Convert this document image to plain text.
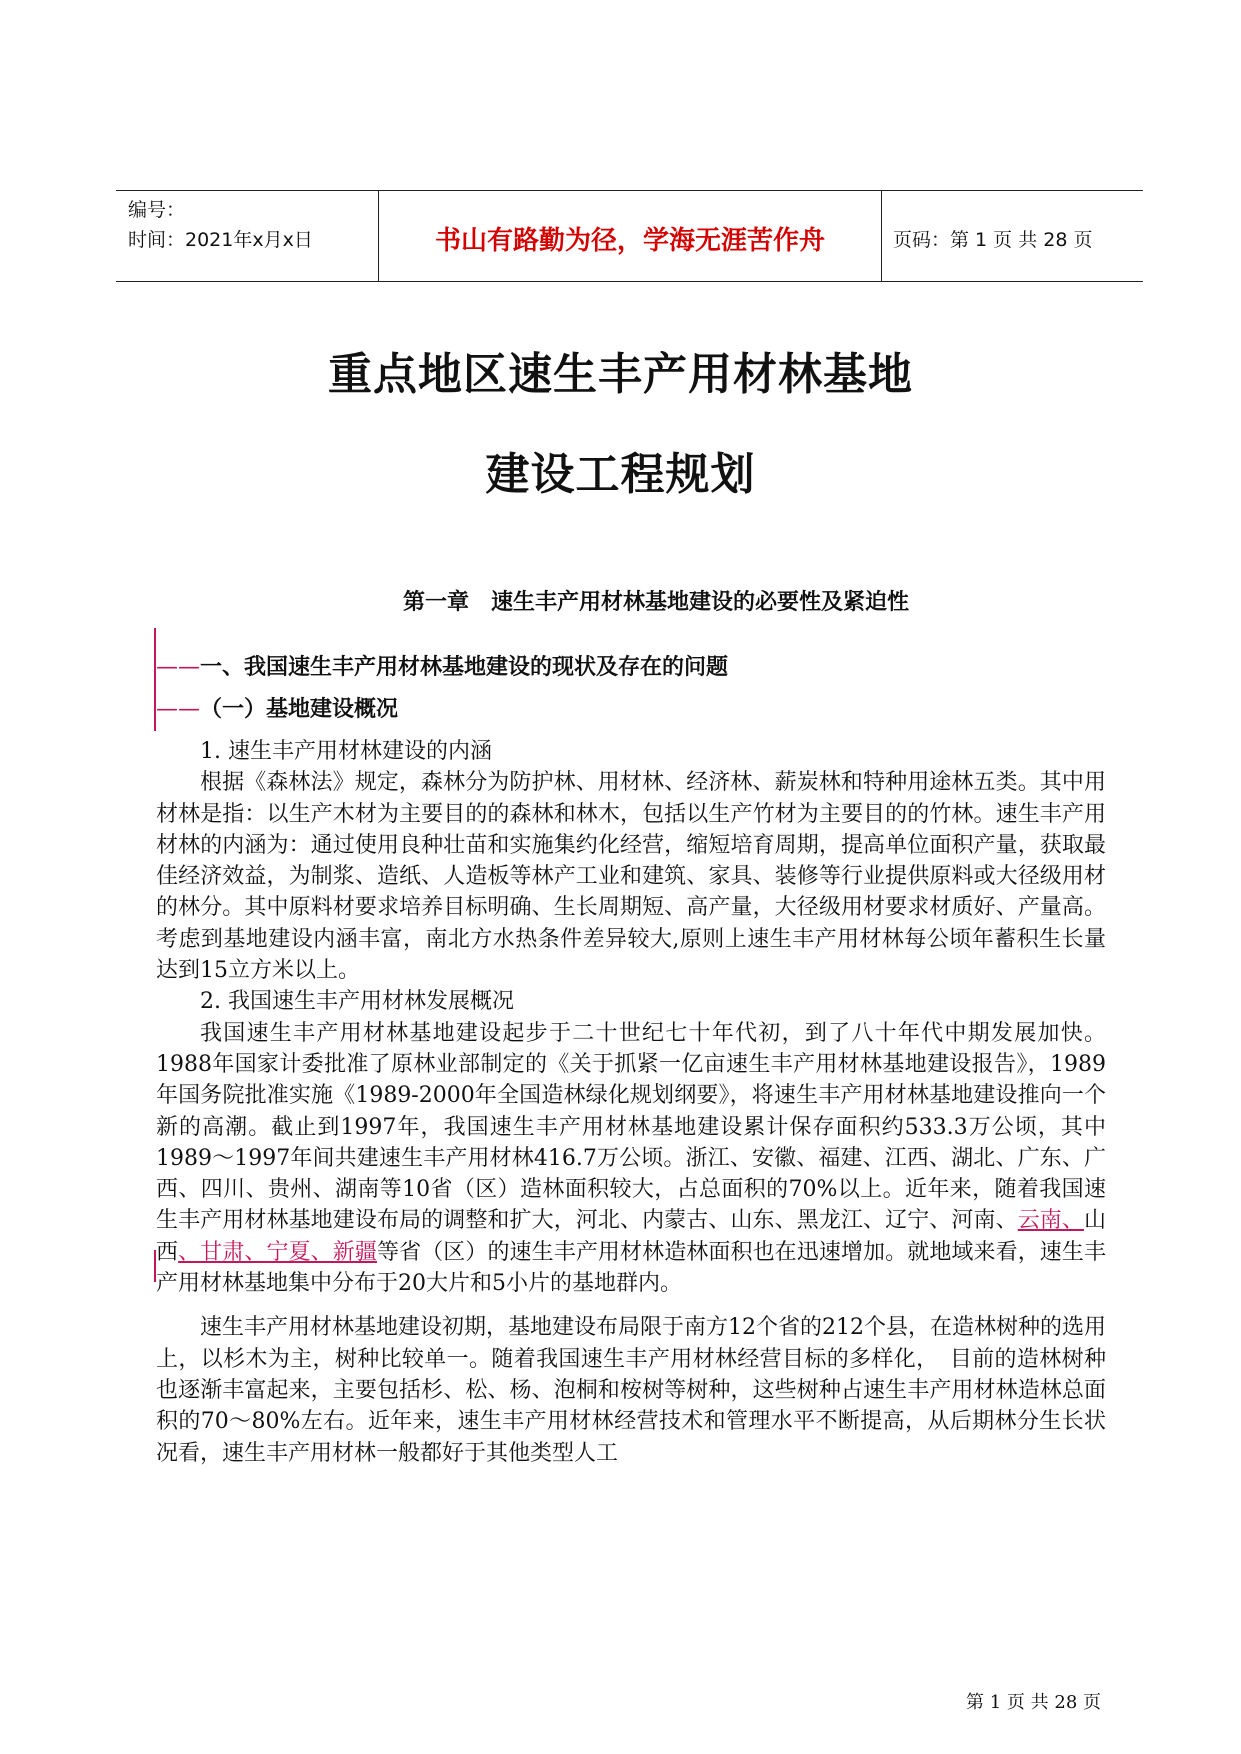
编号：
时间：2021年x月x日	书山有路勤为径，学海无涯苦作舟	页码：第 1 页 共 28 页
重点地区速生丰产用材林基地
建设工程规划
第一章　速生丰产用材林基地建设的必要性及紧迫性
——一、我国速生丰产用材林基地建设的现状及存在的问题
——（一）基地建设概况

1. 速生丰产用材林建设的内涵

根据《森林法》规定，森林分为防护林、用材林、经济林、薪炭林和特种用途林五类。其中用材林是指：以生产木材为主要目的的森林和林木，包括以生产竹材为主要目的的竹林。速生丰产用材林的内涵为：通过使用良种壮苗和实施集约化经营，缩短培育周期，提高单位面积产量，获取最佳经济效益，为制浆、造纸、人造板等林产工业和建筑、家具、装修等行业提供原料或大径级用材的林分。其中原料材要求培养目标明确、生长周期短、高产量，大径级用材要求材质好、产量高。考虑到基地建设内涵丰富，南北方水热条件差异较大,原则上速生丰产用材林每公顷年蓄积生长量达到15立方米以上。

2. 我国速生丰产用材林发展概况

我国速生丰产用材林基地建设起步于二十世纪七十年代初，到了八十年代中期发展加快。1988年国家计委批准了原林业部制定的《关于抓紧一亿亩速生丰产用材林基地建设报告》，1989年国务院批准实施《1989-2000年全国造林绿化规划纲要》，将速生丰产用材林基地建设推向一个新的高潮。截止到1997年，我国速生丰产用材林基地建设累计保存面积约533.3万公顷，其中1989～1997年间共建速生丰产用材林416.7万公顷。浙江、安徽、福建、江西、湖北、广东、广西、四川、贵州、湖南等10省（区）造林面积较大，占总面积的70%以上。近年来，随着我国速生丰产用材林基地建设布局的调整和扩大，河北、内蒙古、山东、黑龙江、辽宁、河南、云南、山西、甘肃、宁夏、新疆等省（区）的速生丰产用材林造林面积也在迅速增加。就地域来看，速生丰产用材林基地集中分布于20大片和5小片的基地群内。

速生丰产用材林基地建设初期，基地建设布局限于南方12个省的212个县，在造林树种的选用上，以杉木为主，树种比较单一。随着我国速生丰产用材林经营目标的多样化，　目前的造林树种也逐渐丰富起来，主要包括杉、松、杨、泡桐和桉树等树种，这些树种占速生丰产用材林造林总面积的70～80%左右。近年来，速生丰产用材林经营技术和管理水平不断提高，从后期林分生长状况看，速生丰产用材林一般都好于其他类型人工

第 1 页 共 28 页
